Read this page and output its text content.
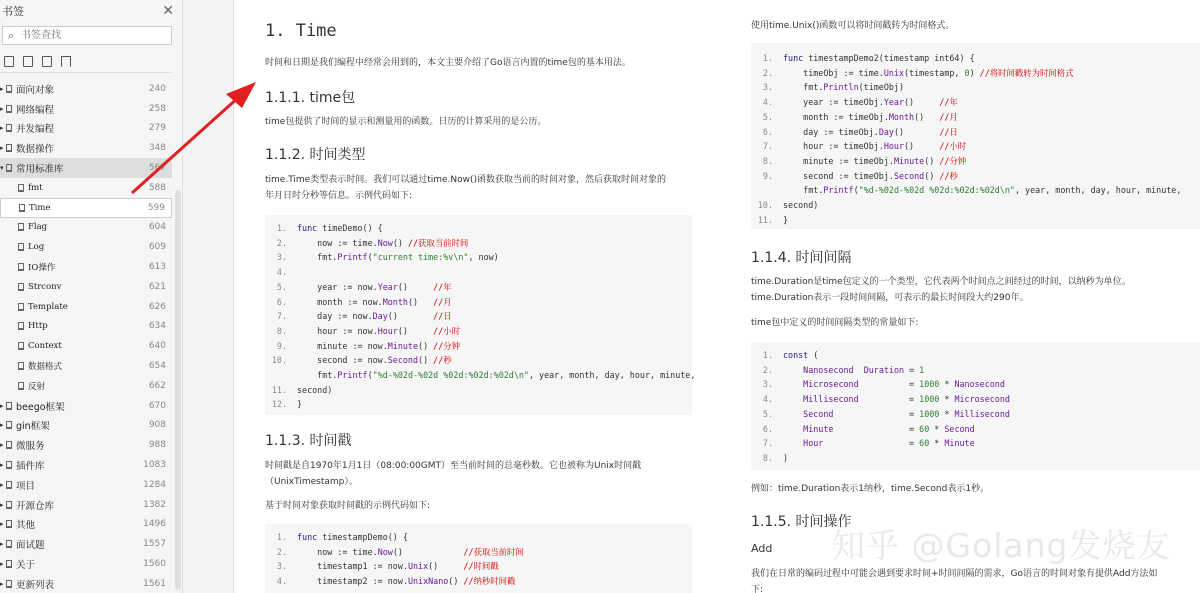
书签	✕
⌕
书签查找
▸ 面向对象	240
▸ 网络编程	258
▸ 并发编程	279
▸ 数据操作	348
▾ 常用标准库	567
fmt	588
Time	599
Flag	604
Log	609
IO操作	613
Strconv	621
Template	626
Http	634
Context	640
数据格式	654
反射	662
▸ beego框架	670
▸ gin框架	908
▸ 微服务	988
▸ 插件库	1083
▸ 项目	1284
▸ 开源仓库	1382
▸ 其他	1496
▸ 面试题	1557
▸ 关于	1560
▸ 更新列表	1561
1. Time
时间和日期是我们编程中经常会用到的，本文主要介绍了Go语言内置的time包的基本用法。
1.1.1. time包
time包提供了时间的显示和测量用的函数。日历的计算采用的是公历。
1.1.2. 时间类型
time.Time类型表示时间。我们可以通过time.Now()函数获取当前的时间对象，然后获取时间对象的
年月日时分秒等信息。示例代码如下:
1. func timeDemo() {
2.    now := time.Now() //获取当前时间
3.    fmt.Printf("current time:%v\n", now)
4.
5.    year := now.Year()     //年
6.    month := now.Month()   //月
7.    day := now.Day()       //日
8.    hour := now.Hour()     //小时
9.    minute := now.Minute() //分钟
10.    second := now.Second() //秒
fmt.Printf("%d-%02d-%02d %02d:%02d:%02d\n", year, month, day, hour, minute,
11. second)
12. }
1.1.3. 时间戳
时间戳是自1970年1月1日（08:00:00GMT）至当前时间的总毫秒数。它也被称为Unix时间戳
（UnixTimestamp）。
基于时间对象获取时间戳的示例代码如下:
1. func timestampDemo() {
2.    now := time.Now()            //获取当前时间
3.    timestamp1 := now.Unix()     //时间戳
4.    timestamp2 := now.UnixNano() //纳秒时间戳
使用time.Unix()函数可以将时间戳转为时间格式。
1. func timestampDemo2(timestamp int64) {
2.    timeObj := time.Unix(timestamp, 0) //将时间戳转为时间格式
3.    fmt.Println(timeObj)
4.    year := timeObj.Year()     //年
5.    month := timeObj.Month()   //月
6.    day := timeObj.Day()       //日
7.    hour := timeObj.Hour()     //小时
8.    minute := timeObj.Minute() //分钟
9.    second := timeObj.Second() //秒
fmt.Printf("%d-%02d-%02d %02d:%02d:%02d\n", year, month, day, hour, minute,
10. second)
11. }
1.1.4. 时间间隔
time.Duration是time包定义的一个类型，它代表两个时间点之间经过的时间，以纳秒为单位。
time.Duration表示一段时间间隔，可表示的最长时间段大约290年。
time包中定义的时间间隔类型的常量如下:
1. const (
2.	Nanosecond Duration = 1
3.	Microsecond          = 1000 * Nanosecond
4.	Millisecond          = 1000 * Microsecond
5.	Second               = 1000 * Millisecond
6.	Minute               = 60 * Second
7.	Hour                 = 60 * Minute
8. )
例如：time.Duration表示1纳秒，time.Second表示1秒。
1.1.5. 时间操作
Add
我们在日常的编码过程中可能会遇到要求时间+时间间隔的需求，Go语言的时间对象有提供Add方法如
下:
知乎 @Golang发烧友
